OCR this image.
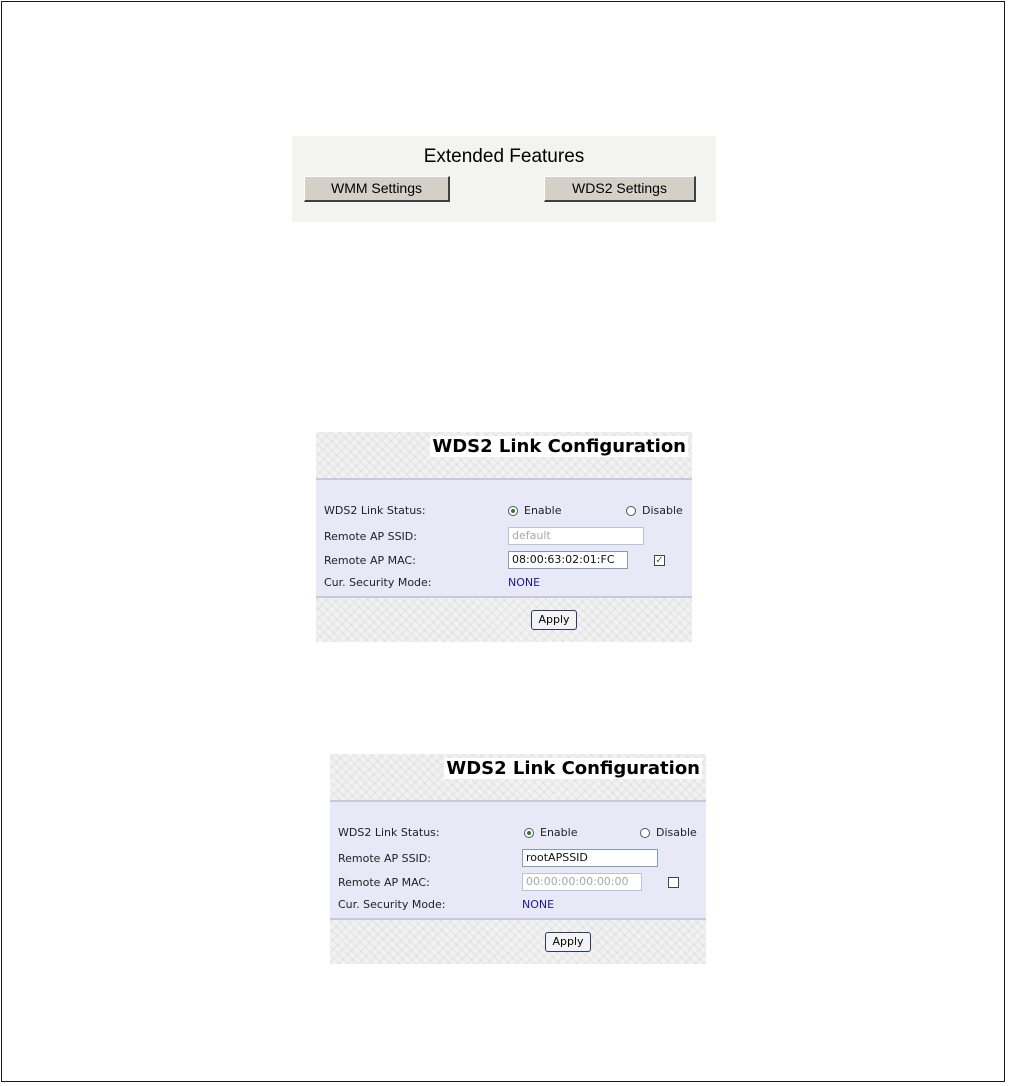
Extended Features
WMM Settings	WDS2 Settings
WDS2 Link Configuration
WDS2 Link Status:	Enable	Disable
Remote AP SSID:	default
Remote AP MAC:	08:00:63:02:01:FC	✓
Cur. Security Mode:	NONE
Apply
WDS2 Link Configuration
WDS2 Link Status:	Enable	Disable
Remote AP SSID:	rootAPSSID
Remote AP MAC:	00:00:00:00:00:00
Cur. Security Mode:	NONE
Apply
